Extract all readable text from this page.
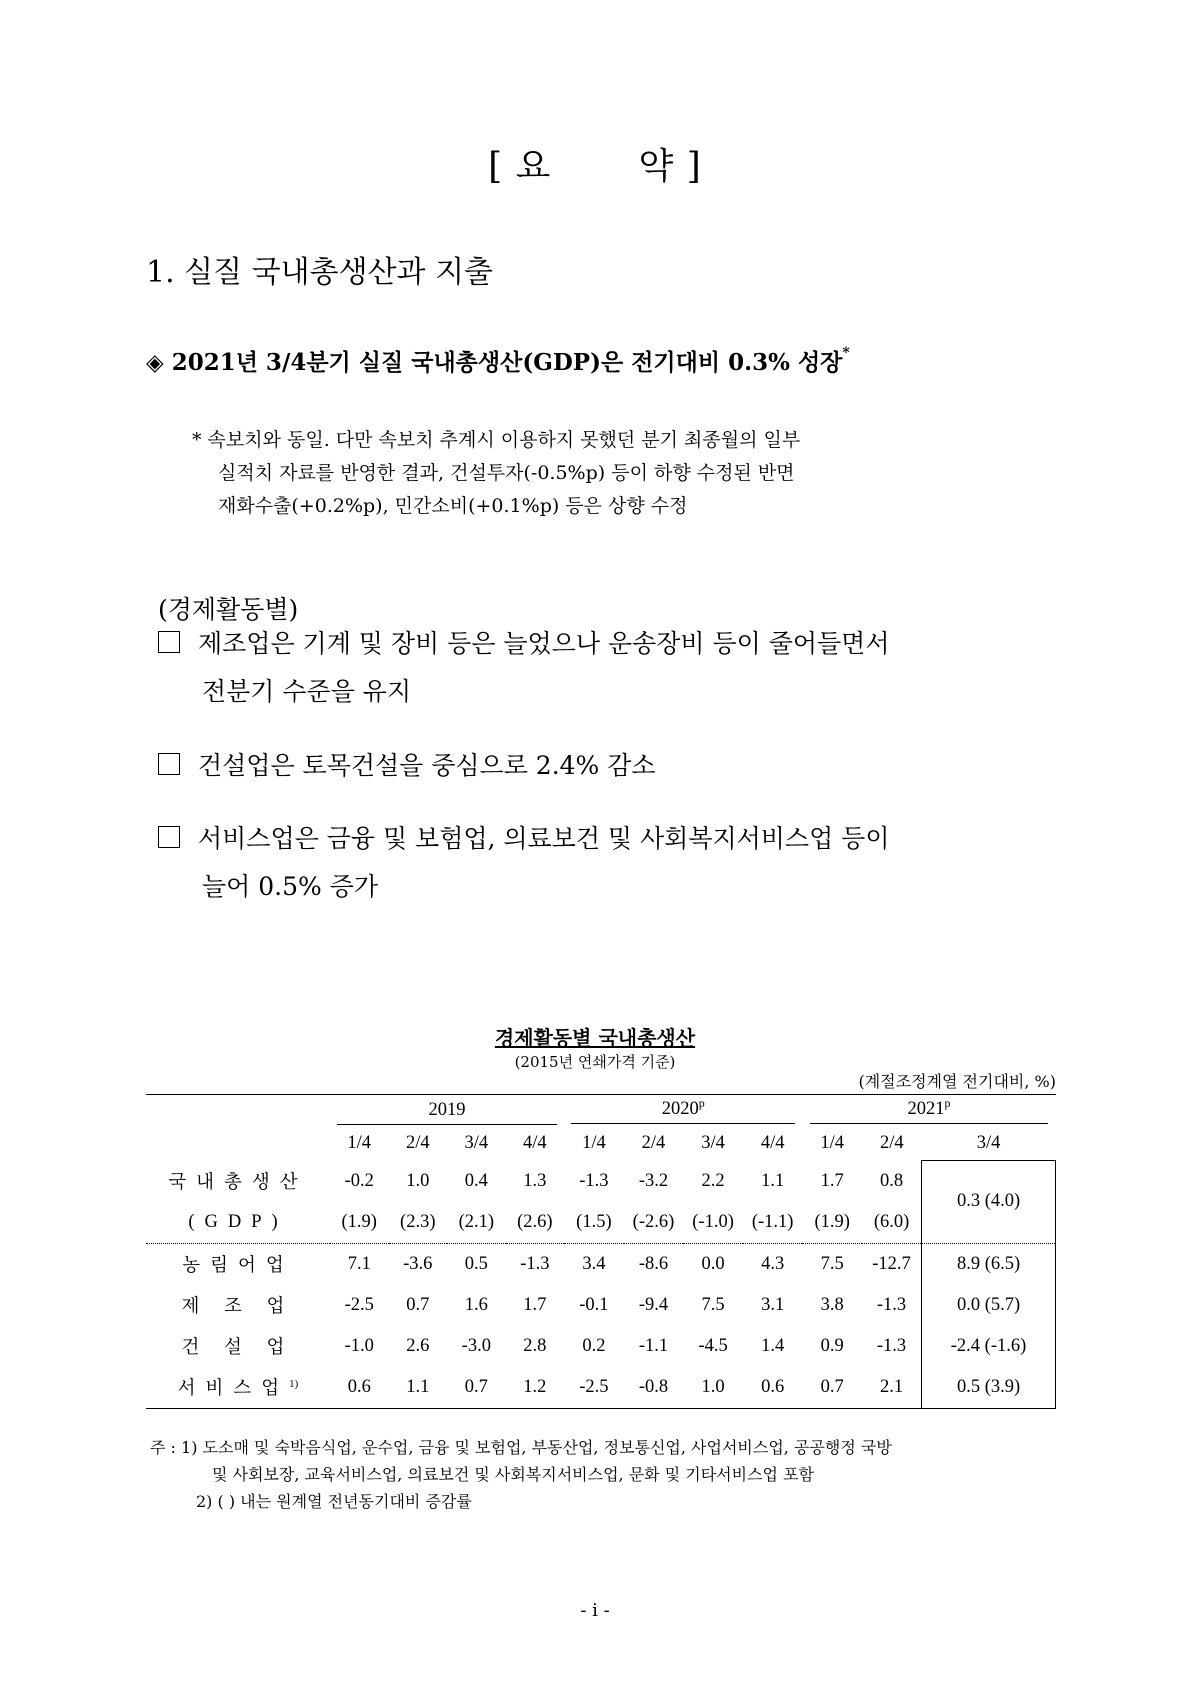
[ 요       약 ]
1. 실질 국내총생산과 지출
◈ 2021년 3/4분기 실질 국내총생산(GDP)은 전기대비 0.3% 성장*
* 속보치와 동일. 다만 속보치 추계시 이용하지 못했던 분기 최종월의 일부
실적치 자료를 반영한 결과, 건설투자(-0.5%p) 등이 하향 수정된 반면
재화수출(+0.2%p), 민간소비(+0.1%p) 등은 상향 수정
(경제활동별)
제조업은 기계 및 장비 등은 늘었으나 운송장비 등이 줄어들면서
전분기 수준을 유지
건설업은 토목건설을 중심으로 2.4% 감소
서비스업은 금융 및 보험업, 의료보건 및 사회복지서비스업 등이
늘어 0.5% 증가
경제활동별 국내총생산
(2015년 연쇄가격 기준)
(계절조정계열 전기대비, %)
	2019				2020$^p$				2021$^p$
	1/4	2/4	3/4	4/4	1/4	2/4	3/4	4/4	1/4	2/4	3/4
국내총생산	-0.2	1.0	0.4	1.3	-1.3	-3.2	2.2	1.1	1.7	0.8	0.3 (4.0)
(GDP)	(1.9)	(2.3)	(2.1)	(2.6)	(1.5)	(-2.6)	(-1.0)	(-1.1)	(1.9)	(6.0)	
농림어업	7.1	-3.6	0.5	-1.3	3.4	-8.6	0.0	4.3	7.5	-12.7	8.9 (6.5)
제 조 업	-2.5	0.7	1.6	1.7	-0.1	-9.4	7.5	3.1	3.8	-1.3	0.0 (5.7)
건 설 업	-1.0	2.6	-3.0	2.8	0.2	-1.1	-4.5	1.4	0.9	-1.3	-2.4 (-1.6)
서비스업$^{1)}$	0.6	1.1	0.7	1.2	-2.5	-0.8	1.0	0.6	0.7	2.1	0.5 (3.9)
주 : 1) 도소매 및 숙박음식업, 운수업, 금융 및 보험업, 부동산업, 정보통신업, 사업서비스업, 공공행정 국방
및 사회보장, 교육서비스업, 의료보건 및 사회복지서비스업, 문화 및 기타서비스업 포함
2) ( ) 내는 원계열 전년동기대비 증감률
- i -
